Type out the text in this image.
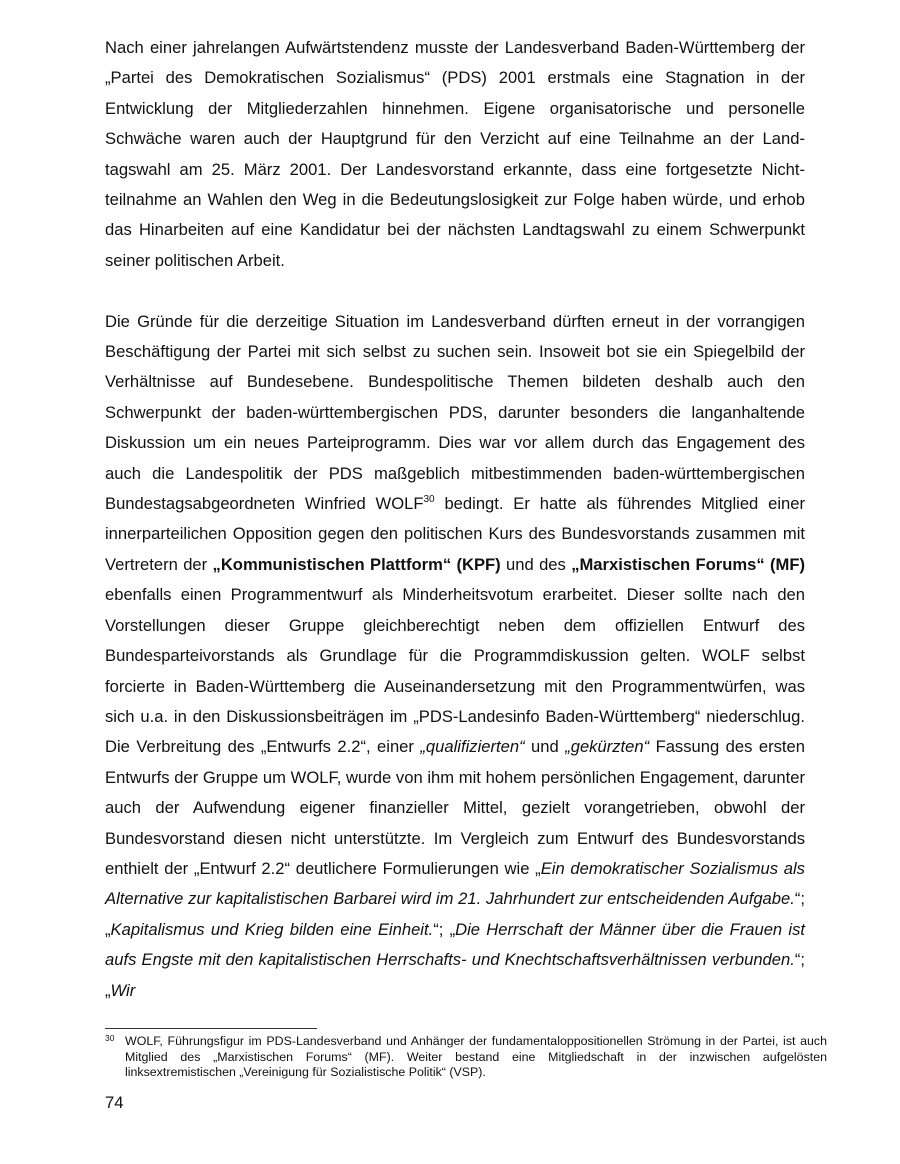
Nach einer jahrelangen Aufwärtstendenz musste der Landesverband Baden-Württemberg der „Partei des Demokratischen Sozialismus“ (PDS) 2001 erstmals eine Stagnation in der Entwicklung der Mitgliederzahlen hinnehmen. Eigene organisatorische und personelle Schwäche waren auch der Hauptgrund für den Verzicht auf eine Teilnahme an der Landtagswahl am 25. März 2001. Der Landesvorstand erkannte, dass eine fortgesetzte Nichtteilnahme an Wahlen den Weg in die Bedeutungslosigkeit zur Folge haben würde, und erhob das Hinarbeiten auf eine Kandidatur bei der nächsten Landtagswahl zu einem Schwerpunkt seiner politischen Arbeit.

Die Gründe für die derzeitige Situation im Landesverband dürften erneut in der vorrangigen Beschäftigung der Partei mit sich selbst zu suchen sein. Insoweit bot sie ein Spiegelbild der Verhältnisse auf Bundesebene. Bundespolitische Themen bildeten deshalb auch den Schwerpunkt der baden-württembergischen PDS, darunter besonders die langanhaltende Diskussion um ein neues Parteiprogramm. Dies war vor allem durch das Engagement des auch die Landespolitik der PDS maßgeblich mitbestimmenden baden-württembergischen Bundestagsabgeordneten Winfried WOLF$^{30}$ bedingt. Er hatte als führendes Mitglied einer innerparteilichen Opposition gegen den politischen Kurs des Bundesvorstands zusammen mit Vertretern der „Kommunistischen Plattform“ (KPF) und des „Marxistischen Forums“ (MF) ebenfalls einen Programmentwurf als Minderheitsvotum erarbeitet. Dieser sollte nach den Vorstellungen dieser Gruppe gleichberechtigt neben dem offiziellen Entwurf des Bundesparteivorstands als Grundlage für die Programmdiskussion gelten. WOLF selbst forcierte in Baden-Württemberg die Auseinandersetzung mit den Programmentwürfen, was sich u.a. in den Diskussionsbeiträgen im „PDS-Landesinfo Baden-Württemberg“ niederschlug. Die Verbreitung des „Entwurfs 2.2“, einer „qualifizierten“ und „gekürzten“ Fassung des ersten Entwurfs der Gruppe um WOLF, wurde von ihm mit hohem persönlichen Engagement, darunter auch der Aufwendung eigener finanzieller Mittel, gezielt vorangetrieben, obwohl der Bundesvorstand diesen nicht unterstützte. Im Vergleich zum Entwurf des Bundesvorstands enthielt der „Entwurf 2.2“ deutlichere Formulierungen wie „Ein demokratischer Sozialismus als Alternative zur kapitalistischen Barbarei wird im 21. Jahrhundert zur entscheidenden Aufgabe.“; „Kapitalismus und Krieg bilden eine Einheit.“; „Die Herrschaft der Männer über die Frauen ist aufs Engste mit den kapitalistischen Herrschafts- und Knechtschaftsverhältnissen verbunden.“; „Wir

30 WOLF, Führungsfigur im PDS-Landesverband und Anhänger der fundamentaloppositionellen Strömung in der Partei, ist auch Mitglied des „Marxistischen Forums“ (MF). Weiter bestand eine Mitgliedschaft in der inzwischen aufgelösten linksextremistischen „Vereinigung für Sozialistische Politik“ (VSP).
74
